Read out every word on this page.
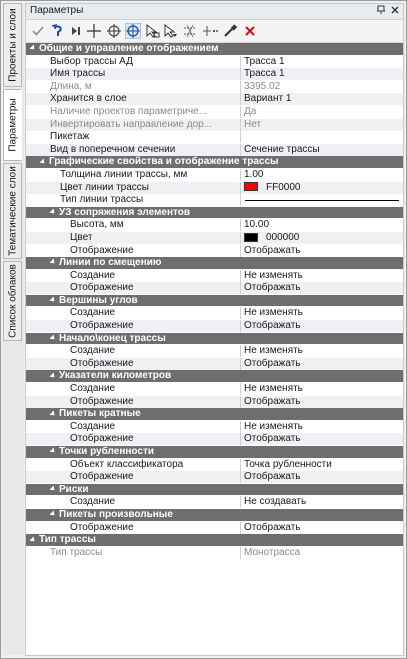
Проекты и слои
Параметры
Тематические слои
Список облаков
Параметры
Общие и управление отображением
Выбор трассы АД	Трасса 1
Имя трассы	Трасса 1
Длина, м	3395.02
Хранится в слое	Вариант 1
Наличие проектов параметриче...	Да
Инвертировать направление дор...	Нет
Пикетаж
Вид в поперечном сечении	Сечение трассы
Графические свойства и отображение трассы
Толщина линии трассы, мм	1.00
Цвет линии трассы	FF0000
Тип линии трассы
УЗ сопряжения элементов
Высота, мм	10.00
Цвет	000000
Отображение	Отображать
Линии по смещению
Создание	Не изменять
Отображение	Отображать
Вершины углов
Создание	Не изменять
Отображение	Отображать
Начало\конец трассы
Создание	Не изменять
Отображение	Отображать
Указатели километров
Создание	Не изменять
Отображение	Отображать
Пикеты кратные
Создание	Не изменять
Отображение	Отображать
Точки рубленности
Объект классификатора	Точка рубленности
Отображение	Отображать
Риски
Создание	Не создавать
Пикеты произвольные
Отображение	Отображать
Тип трассы
Тип трассы	Монотрасса
